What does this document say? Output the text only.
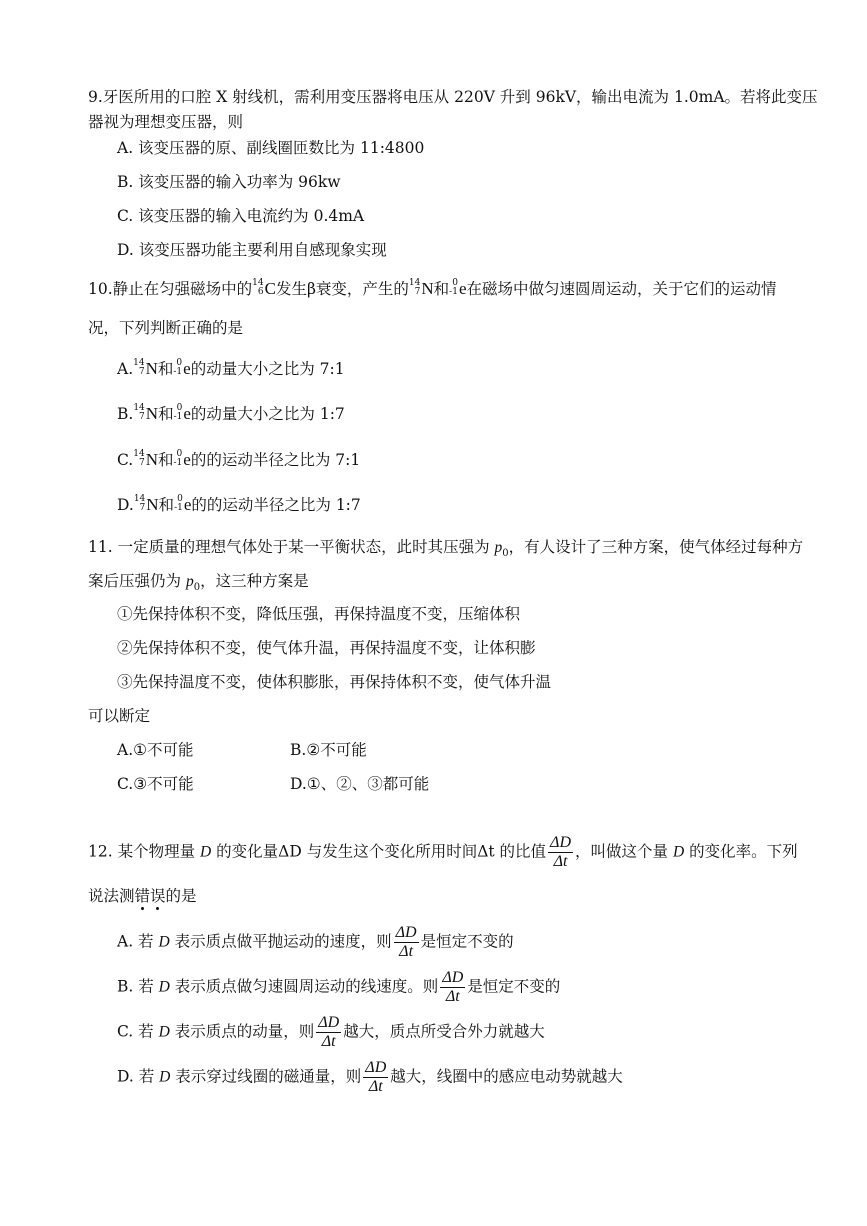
9.牙医所用的口腔 X 射线机，需利用变压器将电压从 220V 升到 96kV，输出电流为 1.0mA。若将此变压
器视为理想变压器，则
A. 该变压器的原、副线圈匝数比为 11:4800
B. 该变压器的输入功率为 96kw
C. 该变压器的输入电流约为 0.4mA
D. 该变压器功能主要利用自感现象实现
10.静止在匀强磁场中的 14
6 C发生β衰变，产生的 14
7 N和 0
-1 e在磁场中做匀速圆周运动，关于它们的运动情
况，下列判断正确的是
A. 14
7 N和 0
-1 e的动量大小之比为 7:1
B. 14
7 N和 0
-1 e的动量大小之比为 1:7
C. 14
7 N和 0
-1 e的的运动半径之比为 7:1
D. 14
7 N和 0
-1 e的的运动半径之比为 1:7
11. 一定质量的理想气体处于某一平衡状态，此时其压强为 $p_0$，有人设计了三种方案，使气体经过每种方
案后压强仍为 $p_0$，这三种方案是
①先保持体积不变，降低压强，再保持温度不变，压缩体积
②先保持体积不变，使气体升温，再保持温度不变，让体积膨
③先保持温度不变，使体积膨胀，再保持体积不变，使气体升温
可以断定
A.①不可能	B.②不可能
C.③不可能	D.①、②、③都可能
12. 某个物理量 D 的变化量ΔD 与发生这个变化所用时间Δt 的比值 $\frac{\Delta D}{\Delta t}$ ，叫做这个量 D 的变化率。下列
说法测错误的是
A. 若 D 表示质点做平抛运动的速度，则 $\frac{\Delta D}{\Delta t}$ 是恒定不变的
B. 若 D 表示质点做匀速圆周运动的线速度。则 $\frac{\Delta D}{\Delta t}$ 是恒定不变的
C. 若 D 表示质点的动量，则 $\frac{\Delta D}{\Delta t}$ 越大，质点所受合外力就越大
D. 若 D 表示穿过线圈的磁通量，则 $\frac{\Delta D}{\Delta t}$ 越大，线圈中的感应电动势就越大
